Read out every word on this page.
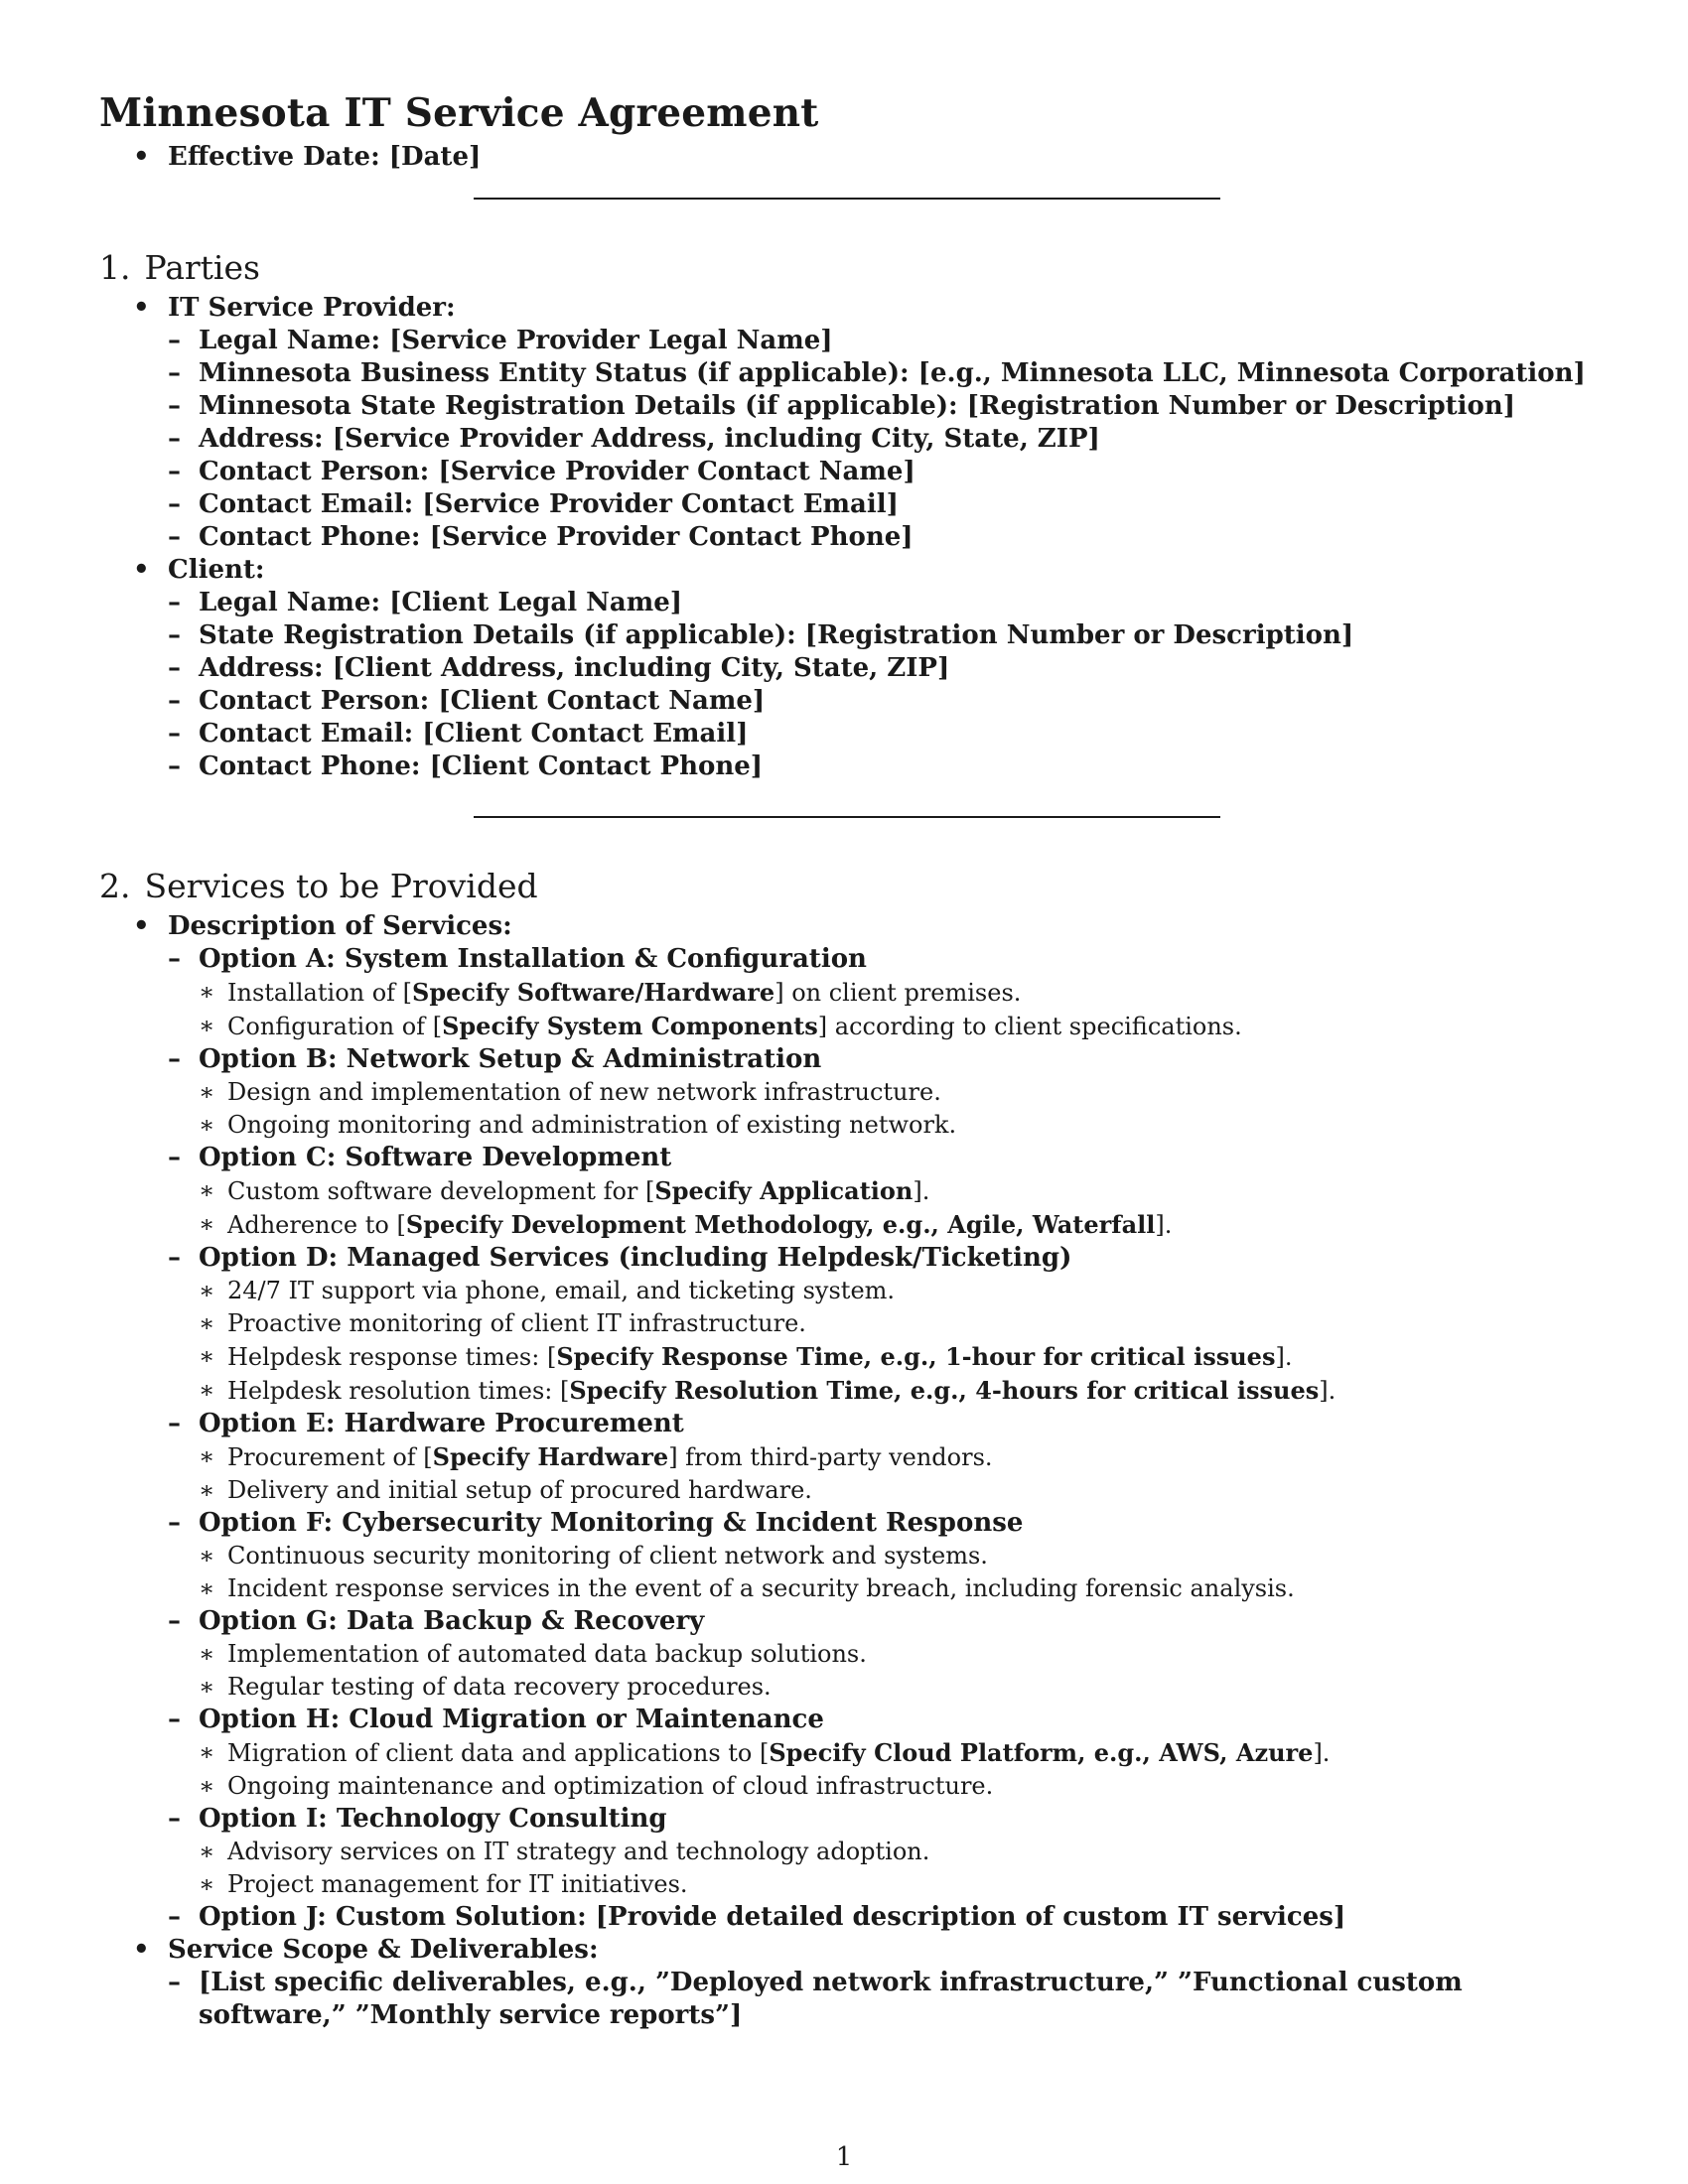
Minnesota IT Service Agreement
• Effective Date: [Date]
1. Parties
• IT Service Provider:
– Legal Name: [Service Provider Legal Name]
– Minnesota Business Entity Status (if applicable): [e.g., Minnesota LLC, Minnesota Corporation]
– Minnesota State Registration Details (if applicable): [Registration Number or Description]
– Address: [Service Provider Address, including City, State, ZIP]
– Contact Person: [Service Provider Contact Name]
– Contact Email: [Service Provider Contact Email]
– Contact Phone: [Service Provider Contact Phone]
• Client:
– Legal Name: [Client Legal Name]
– State Registration Details (if applicable): [Registration Number or Description]
– Address: [Client Address, including City, State, ZIP]
– Contact Person: [Client Contact Name]
– Contact Email: [Client Contact Email]
– Contact Phone: [Client Contact Phone]
2. Services to be Provided
• Description of Services:
– Option A: System Installation & Configuration
∗ Installation of [Specify Software/Hardware] on client premises.
∗ Configuration of [Specify System Components] according to client specifications.
– Option B: Network Setup & Administration
∗ Design and implementation of new network infrastructure.
∗ Ongoing monitoring and administration of existing network.
– Option C: Software Development
∗ Custom software development for [Specify Application].
∗ Adherence to [Specify Development Methodology, e.g., Agile, Waterfall].
– Option D: Managed Services (including Helpdesk/Ticketing)
∗ 24/7 IT support via phone, email, and ticketing system.
∗ Proactive monitoring of client IT infrastructure.
∗ Helpdesk response times: [Specify Response Time, e.g., 1-hour for critical issues].
∗ Helpdesk resolution times: [Specify Resolution Time, e.g., 4-hours for critical issues].
– Option E: Hardware Procurement
∗ Procurement of [Specify Hardware] from third-party vendors.
∗ Delivery and initial setup of procured hardware.
– Option F: Cybersecurity Monitoring & Incident Response
∗ Continuous security monitoring of client network and systems.
∗ Incident response services in the event of a security breach, including forensic analysis.
– Option G: Data Backup & Recovery
∗ Implementation of automated data backup solutions.
∗ Regular testing of data recovery procedures.
– Option H: Cloud Migration or Maintenance
∗ Migration of client data and applications to [Specify Cloud Platform, e.g., AWS, Azure].
∗ Ongoing maintenance and optimization of cloud infrastructure.
– Option I: Technology Consulting
∗ Advisory services on IT strategy and technology adoption.
∗ Project management for IT initiatives.
– Option J: Custom Solution: [Provide detailed description of custom IT services]
• Service Scope & Deliverables:
– [List specific deliverables, e.g., ”Deployed network infrastructure,” ”Functional custom software,” ”Monthly service reports”]
1
